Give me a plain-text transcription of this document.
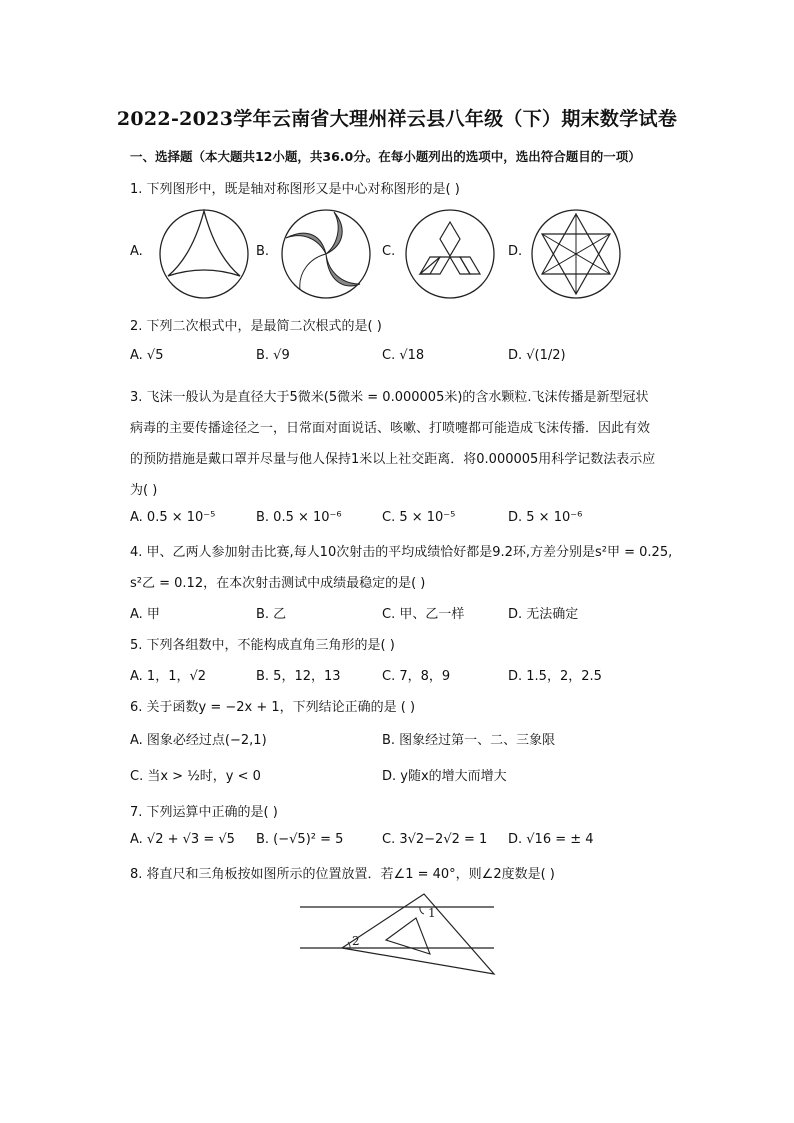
2022-2023学年云南省大理州祥云县八年级（下）期末数学试卷
一、选择题（本大题共12小题，共36.0分。在每小题列出的选项中，选出符合题目的一项）
1. 下列图形中，既是轴对称图形又是中心对称图形的是( )
A.	B.	C.	D.
2. 下列二次根式中，是最简二次根式的是( )
A. √5	B. √9	C. √18	D. √(1/2)
3. 飞沫一般认为是直径大于5微米(5微米 = 0.000005米)的含水颗粒.飞沫传播是新型冠状
病毒的主要传播途径之一，日常面对面说话、咳嗽、打喷嚏都可能造成飞沫传播．因此有效
的预防措施是戴口罩并尽量与他人保持1米以上社交距离．将0.000005用科学记数法表示应
为( )
A. 0.5 × 10⁻⁵	B. 0.5 × 10⁻⁶	C. 5 × 10⁻⁵	D. 5 × 10⁻⁶
4. 甲、乙两人参加射击比赛,每人10次射击的平均成绩恰好都是9.2环,方差分别是s²甲 = 0.25,
s²乙 = 0.12，在本次射击测试中成绩最稳定的是( )
A. 甲	B. 乙	C. 甲、乙一样	D. 无法确定
5. 下列各组数中，不能构成直角三角形的是( )
A. 1，1，√2	B. 5，12，13	C. 7，8，9	D. 1.5，2，2.5
6. 关于函数y = −2x + 1，下列结论正确的是 ( )
A. 图象必经过点(−2,1)	B. 图象经过第一、二、三象限
C. 当x > ½时，y < 0	D. y随x的增大而增大
7. 下列运算中正确的是( )
A. √2 + √3 = √5 B. (−√5)² = 5	C. 3√2−2√2 = 1 D. √16 = ± 4
8. 将直尺和三角板按如图所示的位置放置．若∠1 = 40°，则∠2度数是( )
1
2
